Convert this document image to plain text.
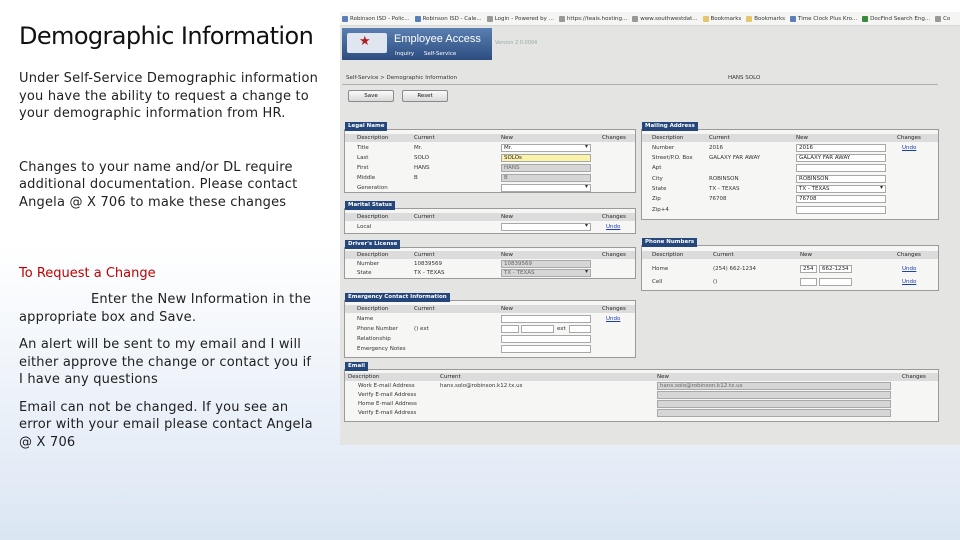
Demographic Information
Under Self-Service Demographic information you have the ability to request a change to your demographic information from HR.
Changes to your name and/or DL require additional documentation. Please contact Angela @ X 706 to make these changes
To Request a Change
Enter the New Information in the appropriate box and Save.
An alert will be sent to my email and I will either approve the change or contact you if I have any questions
Email can not be changed. If you see an error with your email please contact Angela @ X 706
Robinson ISD - Polic... Robinson ISD - Cale... Login - Powered by ... https://teais.hosting... www.southwestdat... Bookmarks Bookmarks Time Clock Plus Kro... DocFind Search Eng... Co
★ Employee Access
Inquiry Self-Service
Version 2.0.0004
Self-Service > Demographic Information	HANS SOLO
Save	Reset
Legal Name
Description	Current	New	Changes
Title	Mr.	Mr. ▾
Last	SOLO	SOLOs
First	HANS	HANS
Middle	B	B
Generation
▾
Marital Status
Description	Current	New	Changes
Local
▾	Undo
Driver's License
Description	Current	New	Changes
Number	10839569	10839569
State	TX - TEXAS	TX - TEXAS ▾
Emergency Contact Information
Description	Current	New	Changes
Name	Undo
Phone Number	() ext	ext
Relationship
Emergency Notes
Mailing Address
Description	Current	New	Changes
Number	2016	2016	Undo
Street/P.O. Box	GALAXY FAR AWAY	GALAXY FAR AWAY
Apt
City	ROBINSON	ROBINSON
State	TX - TEXAS	TX - TEXAS ▾
Zip	76708	76708
Zip+4
Phone Numbers
Description	Current	New	Changes
Home	(254) 662-1234	254	662-1234	Undo
Cell	()	Undo
Email
Description	Current	New	Changes
Work E-mail Address	hans.solo@robinson.k12.tx.us	hans.solo@robinson.k12.tx.us
Verify E-mail Address
Home E-mail Address
Verify E-mail Address
